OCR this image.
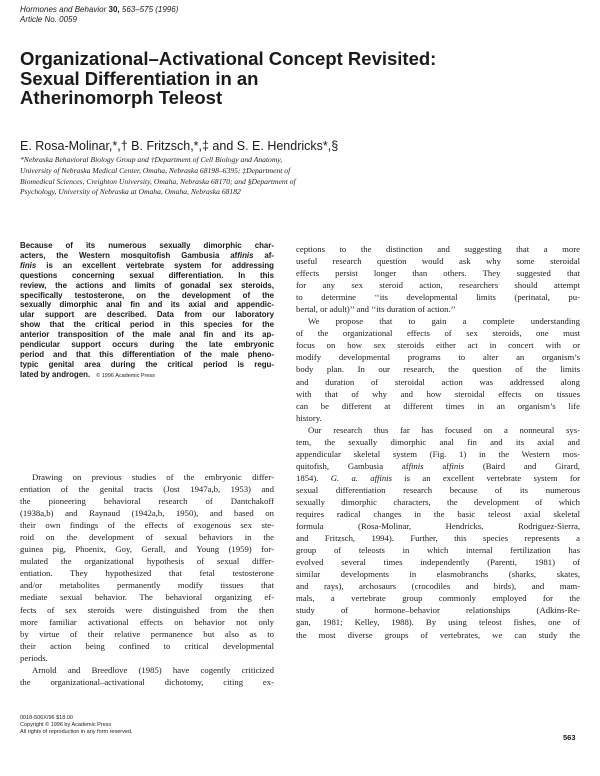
Hormones and Behavior 30, 563–575 (1996)
Article No. 0059
Organizational–Activational Concept Revisited:
Sexual Differentiation in an
Atherinomorph Teleost
E. Rosa-Molinar,*,† B. Fritzsch,*,‡ and S. E. Hendricks*,§
*Nebraska Behavioral Biology Group and †Department of Cell Biology and Anatomy,
University of Nebraska Medical Center, Omaha, Nebraska 68198–6395; ‡Department of
Biomedical Sciences, Creighton University, Omaha, Nebraska 68170; and §Department of
Psychology, University of Nebraska at Omaha, Omaha, Nebraska 68182
Because of its numerous sexually dimorphic char-
acters, the Western mosquitofish Gambusia affinis af-
finis is an excellent vertebrate system for addressing
questions concerning sexual differentiation. In this
review, the actions and limits of gonadal sex steroids,
specifically testosterone, on the development of the
sexually dimorphic anal fin and its axial and appendic-
ular support are described. Data from our laboratory
show that the critical period in this species for the
anterior transposition of the male anal fin and its ap-
pendicular support occurs during the late embryonic
period and that this differentiation of the male pheno-
typic genital area during the critical period is regu-
lated by androgen. © 1996 Academic Press
Drawing on previous studies of the embryonic differ-
entiation of the genital tracts (Jost 1947a,b, 1953) and
the pioneering behavioral research of Dantchakoff
(1938a,b) and Raynaud (1942a,b, 1950), and based on
their own findings of the effects of exogenous sex ste-
roid on the development of sexual behaviors in the
guinea pig, Phoenix, Goy, Gerall, and Young (1959) for-
mulated the organizational hypothesis of sexual differ-
entiation. They hypothesized that fetal testosterone
and/or metabolites permanently modify tissues that
mediate sexual behavior. The behavioral organizing ef-
fects of sex steroids were distinguished from the then
more familiar activational effects on behavior not only
by virtue of their relative permanence but also as to
their action being confined to critical developmental
periods.
Arnold and Breedlove (1985) have cogently criticized
the organizational–activational dichotomy, citing ex-
ceptions to the distinction and suggesting that a more
useful research question would ask why some steroidal
effects persist longer than others. They suggested that
for any sex steroid action, researchers should attempt
to determine ‘‘its developmental limits (perinatal, pu-
bertal, or adult)’’ and ‘‘its duration of action.’’
We propose that to gain a complete understanding
of the organizational effects of sex steroids, one must
focus on how sex steroids either act in concert with or
modify developmental programs to alter an organism’s
body plan. In our research, the question of the limits
and duration of steroidal action was addressed along
with that of why and how steroidal effects on tissues
can be different at different times in an organism’s life
history.
Our research thus far has focused on a nonneural sys-
tem, the sexually dimorphic anal fin and its axial and
appendicular skeletal system (Fig. 1) in the Western mos-
quitofish, Gambusia affinis affinis (Baird and Girard,
1854). G. a. affinis is an excellent vertebrate system for
sexual differentiation research because of its numerous
sexually dimorphic characters, the development of which
requires radical changes in the basic teleost axial skeletal
formula (Rosa-Molinar, Hendricks, Rodriguez-Sierra,
and Fritzsch, 1994). Further, this species represents a
group of teleosts in which internal fertilization has
evolved several times independently (Parenti, 1981) of
similar developments in elasmobranchs (sharks, skates,
and rays), archosaurs (crocodiles and birds), and mam-
mals, a vertebrate group commonly employed for the
study of hormone–behavior relationships (Adkins-Re-
gan, 1981; Kelley, 1988). By using teleost fishes, one of
the most diverse groups of vertebrates, we can study the
0018-506X/96 $18.00
Copyright © 1996 by Academic Press
All rights of reproduction in any form reserved.
563
